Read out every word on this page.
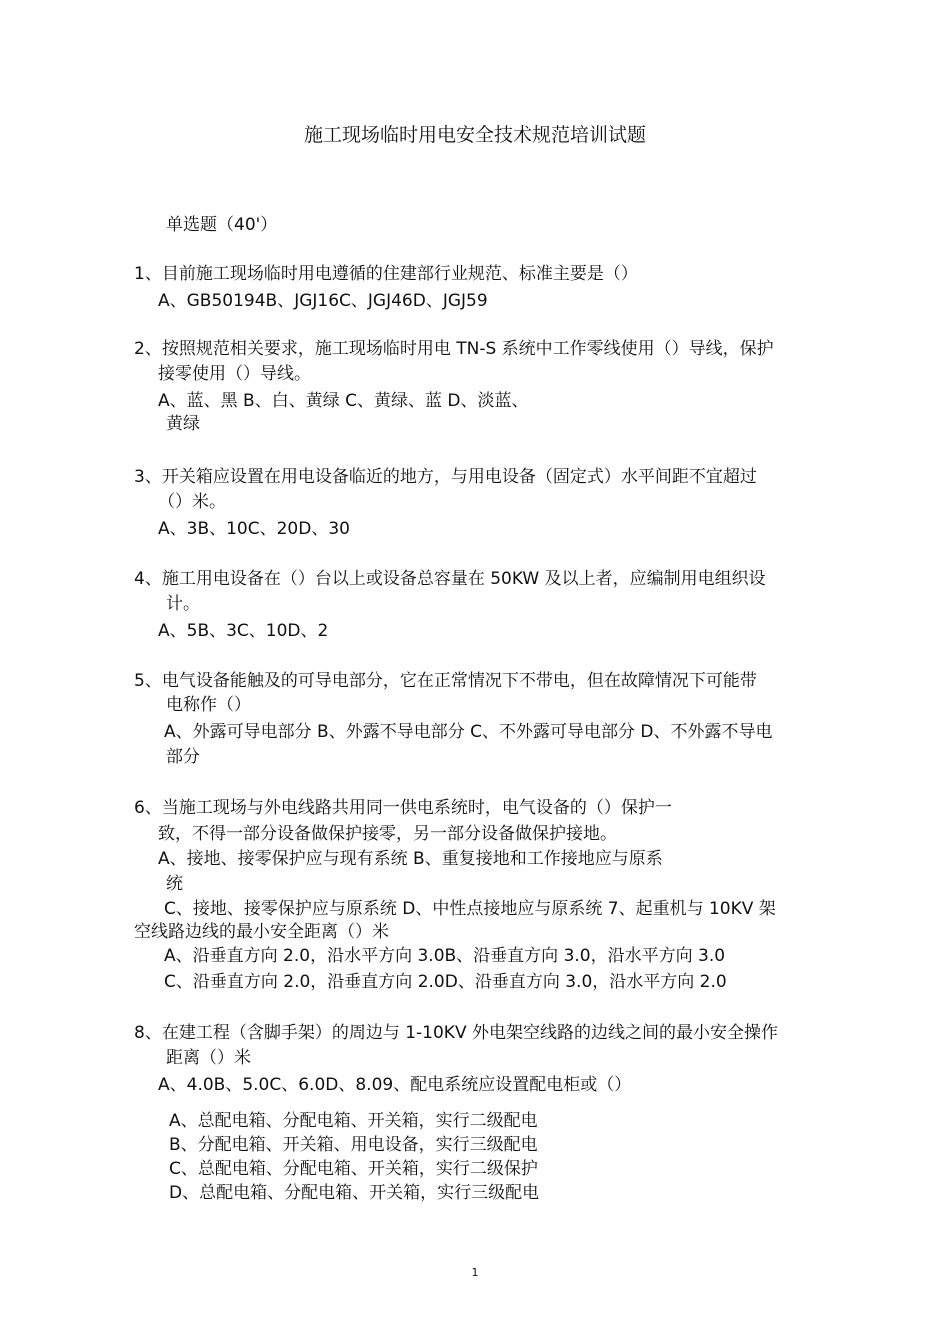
施工现场临时用电安全技术规范培训试题
单选题（40'）
1、目前施工现场临时用电遵循的住建部行业规范、标准主要是（）
A、GB50194B、JGJ16C、JGJ46D、JGJ59
2、按照规范相关要求，施工现场临时用电 TN-S 系统中工作零线使用（）导线，保护
接零使用（）导线。
A、蓝、黑 B、白、黄绿 C、黄绿、蓝 D、淡蓝、
黄绿
3、开关箱应设置在用电设备临近的地方，与用电设备（固定式）水平间距不宜超过
（）米。
A、3B、10C、20D、30
4、施工用电设备在（）台以上或设备总容量在 50KW 及以上者，应编制用电组织设
计。
A、5B、3C、10D、2
5、电气设备能触及的可导电部分，它在正常情况下不带电，但在故障情况下可能带
电称作（）
A、外露可导电部分 B、外露不导电部分 C、不外露可导电部分 D、不外露不导电
部分
6、当施工现场与外电线路共用同一供电系统时，电气设备的（）保护一
致，不得一部分设备做保护接零，另一部分设备做保护接地。
A、接地、接零保护应与现有系统 B、重复接地和工作接地应与原系
统
C、接地、接零保护应与原系统 D、中性点接地应与原系统 7、起重机与 10KV 架
空线路边线的最小安全距离（）米
A、沿垂直方向 2.0，沿水平方向 3.0B、沿垂直方向 3.0，沿水平方向 3.0
C、沿垂直方向 2.0，沿垂直方向 2.0D、沿垂直方向 3.0，沿水平方向 2.0
8、在建工程（含脚手架）的周边与 1-10KV 外电架空线路的边线之间的最小安全操作
距离（）米
A、4.0B、5.0C、6.0D、8.09、配电系统应设置配电柜或（）
A、总配电箱、分配电箱、开关箱，实行二级配电
B、分配电箱、开关箱、用电设备，实行三级配电
C、总配电箱、分配电箱、开关箱，实行二级保护
D、总配电箱、分配电箱、开关箱，实行三级配电
1
